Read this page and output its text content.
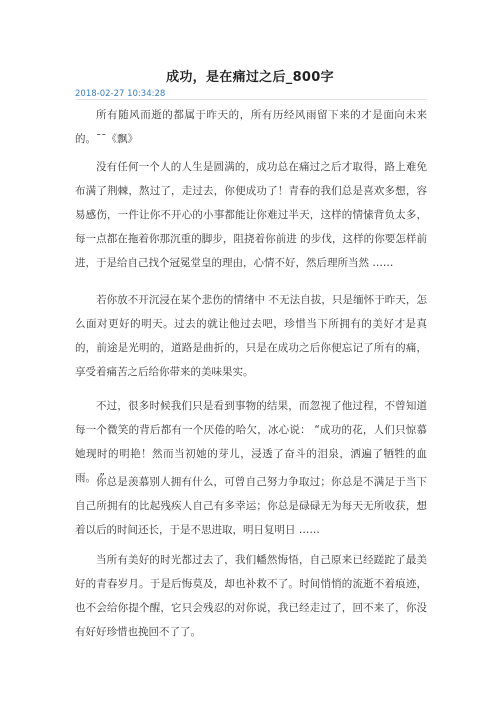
成功，是在痛过之后_800字
2018-02-27 10:34:28

所有随风而逝的都属于昨天的，所有历经风雨留下来的才是面向未来的。 ¯¯《飘》

没有任何一个人的人生是圆满的，成功总在痛过之后才取得，路上难免布满了荆棘，熬过了，走过去，你便成功了！青春的我们总是喜欢多想，容易感伤，一件让你不开心的小事都能让你难过半天，这样的情愫背负太多，每一点都在拖着你那沉重的脚步，阻挠着你前进 的步伐，这样的你要怎样前进，于是给自己找个冠冕堂皇的理由，心情不好，然后理所当然 ……

若你放不开沉浸在某个悲伤的情绪中 不无法自拔，只是缅怀于昨天，怎么面对更好的明天。过去的就让他过去吧，珍惜当下所拥有的美好才是真的，前途是光明的，道路是曲折的，只是在成功之后你便忘记了所有的痛，享受着痛苦之后给你带来的美味果实。

不过，很多时候我们只是看到事物的结果，而忽视了他过程，不曾知道每一个微笑的背后都有一个厌倦的哈欠，冰心说： “成功的花，人们只惊慕她现时的明艳！然而当初她的芽儿，浸透了奋斗的泪泉，洒遍了牺牲的血雨。 ”

你总是羡慕别人拥有什么，可曾自己努力争取过；你总是不满足于当下自己所拥有的比起残疾人自己有多幸运；你总是碌碌无为每天无所收获，想着以后的时间还长，于是不思进取，明日复明日 ……

当所有美好的时光都过去了，我们幡然悔悟，自己原来已经蹉跎了最美好的青春岁月。于是后悔莫及，却也补救不了。时间悄悄的流逝不着痕迹，也不会给你提个醒，它只会残忍的对你说，我已经走过了，回不来了，你没有好好珍惜也挽回不了了。
